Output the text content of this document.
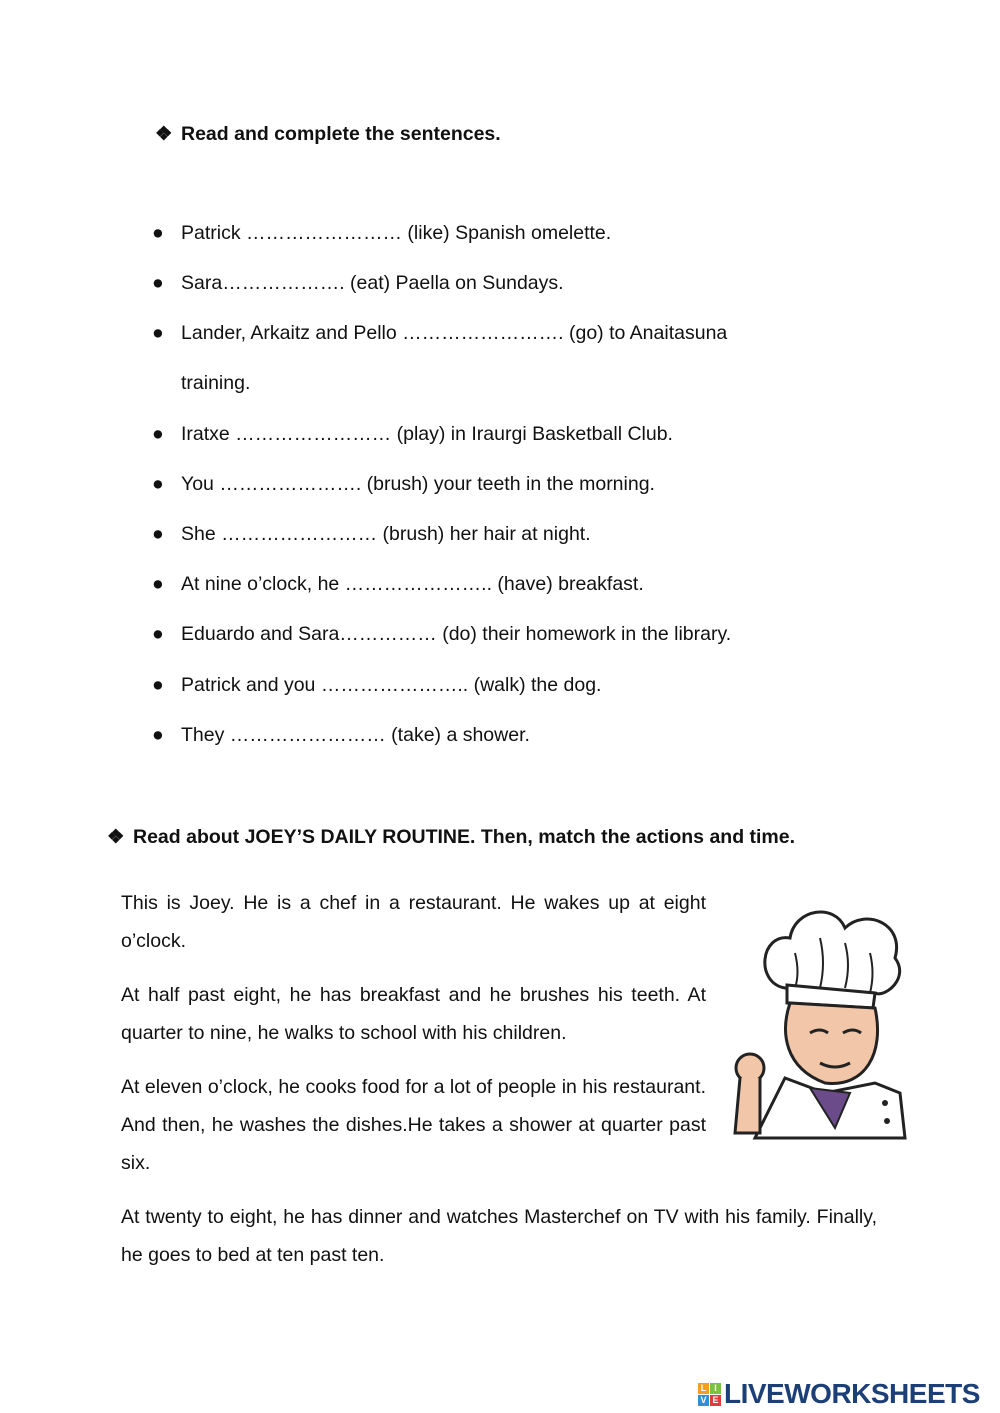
❖ Read and complete the sentences.
● Patrick …………………… (like) Spanish omelette.
● Sara………………. (eat) Paella on Sundays.
● Lander, Arkaitz and Pello ……………………. (go) to Anaitasuna
training.
● Iratxe …………………… (play) in Iraurgi Basketball Club.
● You …………………. (brush) your teeth in the morning.
● She …………………… (brush) her hair at night.
● At nine o’clock, he ………………….. (have) breakfast.
● Eduardo and Sara…………… (do) their homework in the library.
● Patrick and you ………………….. (walk) the dog.
● They …………………… (take) a shower.
❖ Read about JOEY’S DAILY ROUTINE. Then, match the actions and time.
This is Joey. He is a chef in a restaurant. He wakes up at eight o’clock.
At half past eight, he has breakfast and he brushes his teeth. At quarter to nine, he walks to school with his children.
At eleven o’clock, he cooks food for a lot of people in his restaurant. And then, he washes the dishes.He takes a shower at quarter past six.
At twenty to eight, he has dinner and watches Masterchef on TV with his family. Finally, he goes to bed at ten past ten.
L I
V E LIVEWORKSHEETS
